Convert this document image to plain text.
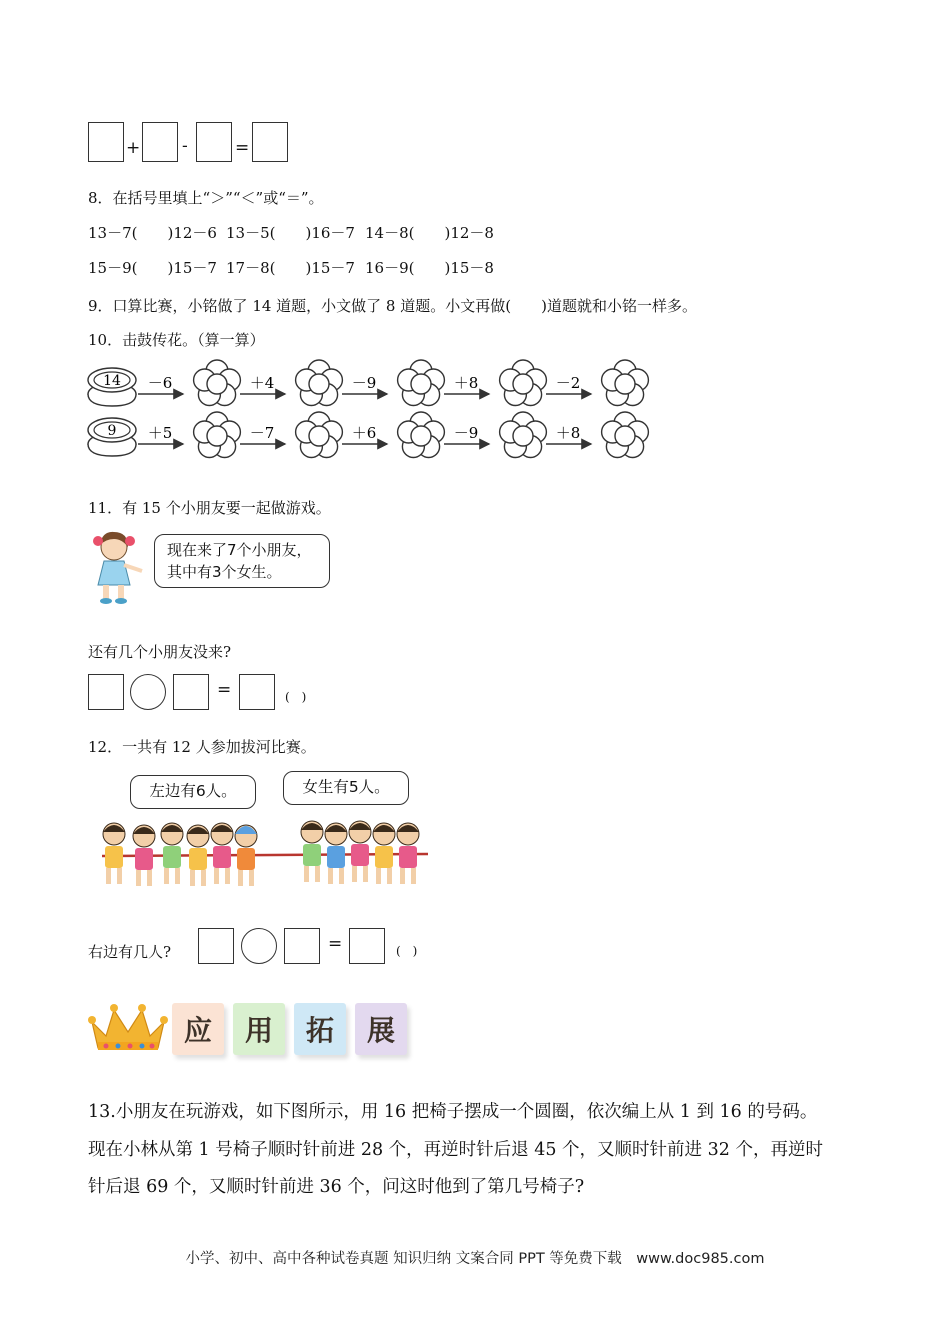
+ -	=
8．在括号里填上“＞”“＜”或“＝”。
13－7(　　)12－6 13－5(　　)16－7 14－8(　　)12－8
15－9(　　)15－7 17－8(　　)15－7 16－9(　　)15－8
9．口算比赛，小铭做了 14 道题，小文做了 8 道题。小文再做(　　)道题就和小铭一样多。
10．击鼓传花。（算一算）
14
9
－6	＋4	－9	＋8	－2
＋5	－7	＋6	－9	＋8
11．有 15 个小朋友要一起做游戏。
现在来了7个小朋友，
其中有3个女生。
还有几个小朋友没来?
=	(　)
12．一共有 12 人参加拔河比赛。
左边有6人。	女生有5人。
右边有几人?	=	(　)
应	用	拓	展
13.小朋友在玩游戏，如下图所示，用 16 把椅子摆成一个圆圈，依次编上从 1 到 16 的号码。
现在小林从第 1 号椅子顺时针前进 28 个，再逆时针后退 45 个，又顺时针前进 32 个，再逆时
针后退 69 个，又顺时针前进 36 个，问这时他到了第几号椅子?
小学、初中、高中各种试卷真题 知识归纳 文案合同 PPT 等免费下载　www.doc985.com
